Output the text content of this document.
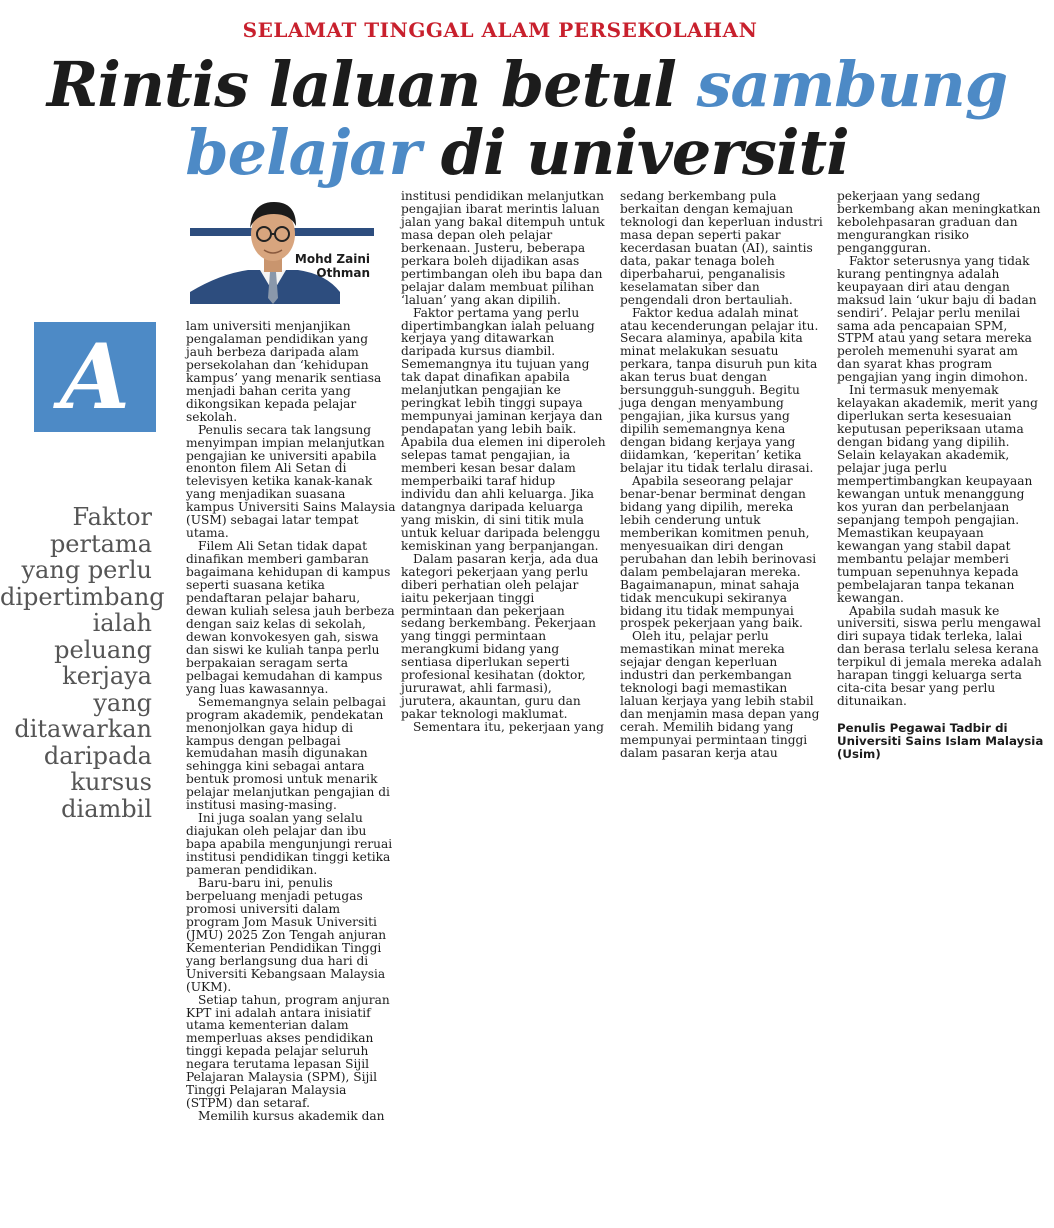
SELAMAT TINGGAL ALAM PERSEKOLAHAN
Rintis laluan betul sambung
belajar di universiti
Mohd Zaini
Othman
A
Faktor pertama yang perlu dipertimbang ialah peluang kerjaya yang ditawarkan daripada kursus diambil

lam universiti menjanjikan pengalaman pendidikan yang jauh berbeza daripada alam persekolahan dan ‘kehidupan kampus’ yang menarik sentiasa menjadi bahan cerita yang dikongsikan kepada pelajar sekolah.

Penulis secara tak langsung menyimpan impian melanjutkan pengajian ke universiti apabila enonton filem Ali Setan di televisyen ketika kanak-kanak yang menjadikan suasana kampus Universiti Sains Malaysia (USM) sebagai latar tempat utama.

Filem Ali Setan tidak dapat dinafikan memberi gambaran bagaimana kehidupan di kampus seperti suasana ketika pendaftaran pelajar baharu, dewan kuliah selesa jauh berbeza dengan saiz kelas di sekolah, dewan konvokesyen gah, siswa dan siswi ke kuliah tanpa perlu berpakaian seragam serta pelbagai kemudahan di kampus yang luas kawasannya.

Sememangnya selain pelbagai program akademik, pendekatan menonjolkan gaya hidup di kampus dengan pelbagai kemudahan masih digunakan sehingga kini sebagai antara bentuk promosi untuk menarik pelajar melanjutkan pengajian di institusi masing-masing.

Ini juga soalan yang selalu diajukan oleh pelajar dan ibu bapa apabila mengunjungi reruai institusi pendidikan tinggi ketika pameran pendidikan.

Baru-baru ini, penulis berpeluang menjadi petugas promosi universiti dalam program Jom Masuk Universiti (JMU) 2025 Zon Tengah anjuran Kementerian Pendidikan Tinggi yang berlangsung dua hari di Universiti Kebangsaan Malaysia (UKM).

Setiap tahun, program anjuran KPT ini adalah antara inisiatif utama kementerian dalam memperluas akses pendidikan tinggi kepada pelajar seluruh negara terutama lepasan Sijil Pelajaran Malaysia (SPM), Sijil Tinggi Pelajaran Malaysia (STPM) dan setaraf.

Memilih kursus akademik dan

institusi pendidikan melanjutkan pengajian ibarat merintis laluan jalan yang bakal ditempuh untuk masa depan oleh pelajar berkenaan. Justeru, beberapa perkara boleh dijadikan asas pertimbangan oleh ibu bapa dan pelajar dalam membuat pilihan ‘laluan’ yang akan dipilih.

Faktor pertama yang perlu dipertimbangkan ialah peluang kerjaya yang ditawarkan daripada kursus diambil. Sememangnya itu tujuan yang tak dapat dinafikan apabila melanjutkan pengajian ke peringkat lebih tinggi supaya mempunyai jaminan kerjaya dan pendapatan yang lebih baik. Apabila dua elemen ini diperoleh selepas tamat pengajian, ia memberi kesan besar dalam memperbaiki taraf hidup individu dan ahli keluarga. Jika datangnya daripada keluarga yang miskin, di sini titik mula untuk keluar daripada belenggu kemiskinan yang berpanjangan.

Dalam pasaran kerja, ada dua kategori pekerjaan yang perlu diberi perhatian oleh pelajar iaitu pekerjaan tinggi permintaan dan pekerjaan sedang berkembang. Pekerjaan yang tinggi permintaan merangkumi bidang yang sentiasa diperlukan seperti profesional kesihatan (doktor, jururawat, ahli farmasi), jurutera, akauntan, guru dan pakar teknologi maklumat.

Sementara itu, pekerjaan yang

sedang berkembang pula berkaitan dengan kemajuan teknologi dan keperluan industri masa depan seperti pakar kecerdasan buatan (AI), saintis data, pakar tenaga boleh diperbaharui, penganalisis keselamatan siber dan pengendali dron bertauliah.

Faktor kedua adalah minat atau kecenderungan pelajar itu. Secara alaminya, apabila kita minat melakukan sesuatu perkara, tanpa disuruh pun kita akan terus buat dengan bersungguh-sungguh. Begitu juga dengan menyambung pengajian, jika kursus yang dipilih sememangnya kena dengan bidang kerjaya yang diidamkan, ‘keperitan’ ketika belajar itu tidak terlalu dirasai.

Apabila seseorang pelajar benar-benar berminat dengan bidang yang dipilih, mereka lebih cenderung untuk memberikan komitmen penuh, menyesuaikan diri dengan perubahan dan lebih berinovasi dalam pembelajaran mereka. Bagaimanapun, minat sahaja tidak mencukupi sekiranya bidang itu tidak mempunyai prospek pekerjaan yang baik.

Oleh itu, pelajar perlu memastikan minat mereka sejajar dengan keperluan industri dan perkembangan teknologi bagi memastikan laluan kerjaya yang lebih stabil dan menjamin masa depan yang cerah. Memilih bidang yang mempunyai permintaan tinggi dalam pasaran kerja atau

pekerjaan yang sedang berkembang akan meningkatkan kebolehpasaran graduan dan mengurangkan risiko pengangguran.

Faktor seterusnya yang tidak kurang pentingnya adalah keupayaan diri atau dengan maksud lain ‘ukur baju di badan sendiri’. Pelajar perlu menilai sama ada pencapaian SPM, STPM atau yang setara mereka peroleh memenuhi syarat am dan syarat khas program pengajian yang ingin dimohon.

Ini termasuk menyemak kelayakan akademik, merit yang diperlukan serta kesesuaian keputusan peperiksaan utama dengan bidang yang dipilih. Selain kelayakan akademik, pelajar juga perlu mempertimbangkan keupayaan kewangan untuk menanggung kos yuran dan perbelanjaan sepanjang tempoh pengajian. Memastikan keupayaan kewangan yang stabil dapat membantu pelajar memberi tumpuan sepenuhnya kepada pembelajaran tanpa tekanan kewangan.

Apabila sudah masuk ke universiti, siswa perlu mengawal diri supaya tidak terleka, lalai dan berasa terlalu selesa kerana terpikul di jemala mereka adalah harapan tinggi keluarga serta cita-cita besar yang perlu ditunaikan.

Penulis Pegawai Tadbir di Universiti Sains Islam Malaysia (Usim)
